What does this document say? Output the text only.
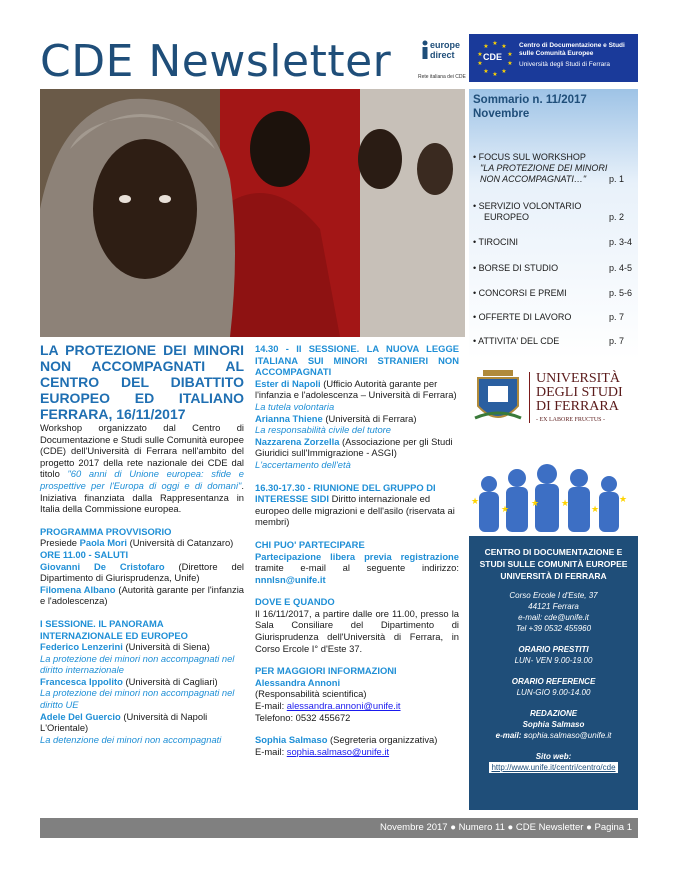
CDE Newsletter	europe
direct
Rete italiana dei CDE
★ ★
★
★
★
★
★
★
★
★
CDE
Centro di Documentazione e Studi sulle Comunità Europee
Università degli Studi di Ferrara
Sommario n. 11/2017 Novembre
• FOCUS SUL WORKSHOP
"LA PROTEZIONE DEI MINORI
NON ACCOMPAGNATI…"	p. 1
• SERVIZIO VOLONTARIO
EUROPEO	p. 2
• TIROCINI	p. 3-4
• BORSE DI STUDIO	p. 4-5
• CONCORSI E PREMI	p. 5-6
• OFFERTE DI LAVORO	p. 7
• ATTIVITA' DEL CDE	p. 7
UNIVERSITÀ
DEGLI STUDI
DI FERRARA
- EX LABORE FRUCTUS -
★
★ ★
★
★
★
CENTRO DI DOCUMENTAZIONE E STUDI SULLE COMUNITÀ EUROPEE UNIVERSITÀ DI FERRARA
Corso Ercole I d'Este, 37
44121 Ferrara
e-mail: cde@unife.it
Tel +39 0532 455960
ORARIO PRESTITI
LUN- VEN 9.00-19.00
ORARIO REFERENCE
LUN-GIO 9.00-14.00
REDAZIONE
Sophia Salmaso
e-mail: sophia.salmaso@unife.it
Sito web:
http://www.unife.it/centri/centro/cde
LA PROTEZIONE DEI MINORI
NON ACCOMPAGNATI AL
CENTRO DEL DIBATTITO
EUROPEO ED ITALIANO
FERRARA, 16/11/2017

Workshop organizzato dal Centro di Documentazione e Studi sulle Comunità europee (CDE) dell'Università di Ferrara nell'ambito del progetto 2017 della rete nazionale dei CDE dal titolo "60 anni di Unione europea: sfide e prospettive per l'Europa di oggi e di domani". Iniziativa finanziata dalla Rappresentanza in Italia della Commissione europea.

PROGRAMMA PROVVISORIO

Presiede Paola Mori (Università di Catanzaro)

ORE 11.00 - SALUTI

Giovanni De Cristofaro (Direttore del Dipartimento di Giurisprudenza, Unife)

Filomena Albano (Autorità garante per l'infanzia e l'adolescenza)

I SESSIONE. IL PANORAMA INTERNAZIONALE ED EUROPEO

Federico Lenzerini (Università di Siena)

La protezione dei minori non accompagnati nel diritto internazionale

Francesca Ippolito (Università di Cagliari)

La protezione dei minori non accompagnati nel diritto UE

Adele Del Guercio (Università di Napoli L'Orientale)

La detenzione dei minori non accompagnati

14.30 - II SESSIONE. LA NUOVA LEGGE ITALIANA SUI MINORI STRANIERI NON ACCOMPAGNATI

Ester di Napoli (Ufficio Autorità garante per l'infanzia e l'adolescenza – Università di Ferrara) La tutela volontaria

Arianna Thiene (Università di Ferrara)

La responsabilità civile del tutore

Nazzarena Zorzella (Associazione per gli Studi Giuridici sull'Immigrazione - ASGI)

L'accertamento dell'età

16.30-17.30 - RIUNIONE DEL GRUPPO DI INTERESSE SIDI Diritto internazionale ed europeo delle migrazioni e dell'asilo (riservata ai membri)

CHI PUO' PARTECIPARE

Partecipazione libera previa registrazione tramite e-mail al seguente indirizzo: nnnlsn@unife.it

DOVE E QUANDO

Il 16/11/2017, a partire dalle ore 11.00, presso la Sala Consiliare del Dipartimento di Giurisprudenza dell'Università di Ferrara, in Corso Ercole I° d'Este 37.

PER MAGGIORI INFORMAZIONI

Alessandra Annoni

(Responsabilità scientifica)

E-mail: alessandra.annoni@unife.it

Telefono: 0532 455672

Sophia Salmaso (Segreteria organizzativa)

E-mail: sophia.salmaso@unife.it

Novembre 2017 ● Numero 11 ● CDE Newsletter ● Pagina 1
